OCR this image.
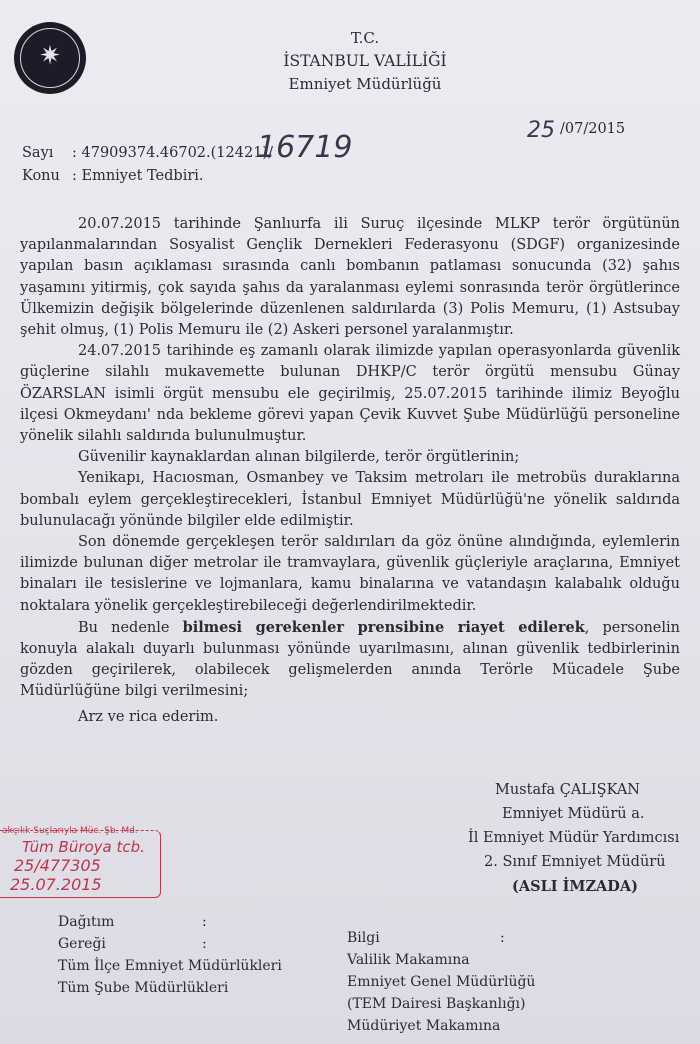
✷
T.C.
İSTANBUL VALİLİĞİ
Emniyet Müdürlüğü
25 /07/2015
Sayı : 47909374.46702.(12421)/
16719
Konu : Emniyet Tedbiri.

20.07.2015 tarihinde Şanlıurfa ili Suruç ilçesinde MLKP terör örgütünün yapılanmalarından Sosyalist Gençlik Dernekleri Federasyonu (SDGF) organizesinde yapılan basın açıklaması sırasında canlı bombanın patlaması sonucunda (32) şahıs yaşamını yitirmiş, çok sayıda şahıs da yaralanması eylemi sonrasında terör örgütlerince Ülkemizin değişik bölgelerinde düzenlenen saldırılarda (3) Polis Memuru, (1) Astsubay şehit olmuş, (1) Polis Memuru ile (2) Askeri personel yaralanmıştır.

24.07.2015 tarihinde eş zamanlı olarak ilimizde yapılan operasyonlarda güvenlik güçlerine silahlı mukavemette bulunan DHKP/C terör örgütü mensubu Günay ÖZARSLAN isimli örgüt mensubu ele geçirilmiş, 25.07.2015 tarihinde ilimiz Beyoğlu ilçesi Okmeydanı' nda bekleme görevi yapan Çevik Kuvvet Şube Müdürlüğü personeline yönelik silahlı saldırıda bulunulmuştur.

Güvenilir kaynaklardan alınan bilgilerde, terör örgütlerinin;

Yenikapı, Hacıosman, Osmanbey ve Taksim metroları ile metrobüs duraklarına bombalı eylem gerçekleştirecekleri, İstanbul Emniyet Müdürlüğü'ne yönelik saldırıda bulunulacağı yönünde bilgiler elde edilmiştir.

Son dönemde gerçekleşen terör saldırıları da göz önüne alındığında, eylemlerin ilimizde bulunan diğer metrolar ile tramvaylara, güvenlik güçleriyle araçlarına, Emniyet binaları ile tesislerine ve lojmanlara, kamu binalarına ve vatandaşın kalabalık olduğu noktalara yönelik gerçekleştirebileceği değerlendirilmektedir.

Bu nedenle bilmesi gerekenler prensibine riayet edilerek, personelin konuyla alakalı duyarlı bulunması yönünde uyarılmasını, alınan güvenlik tedbirlerinin gözden geçirilerek, olabilecek gelişmelerden anında Terörle Mücadele Şube Müdürlüğüne bilgi verilmesini;

Arz ve rica ederim.

Mustafa ÇALIŞKAN
Emniyet Müdürü a.
İl Emniyet Müdür Yardımcısı
2. Sınıf Emniyet Müdürü
(ASLI İMZADA)
akçılık Suçlarıyla Müc. Şb. Md.
Tüm Büroya tcb.
25/477305
25.07.2015
Dağıtım	:
Gereği	:
Tüm İlçe Emniyet Müdürlükleri
Tüm Şube Müdürlükleri
Bilgi	:
Valilik Makamına
Emniyet Genel Müdürlüğü
(TEM Dairesi Başkanlığı)
Müdüriyet Makamına
